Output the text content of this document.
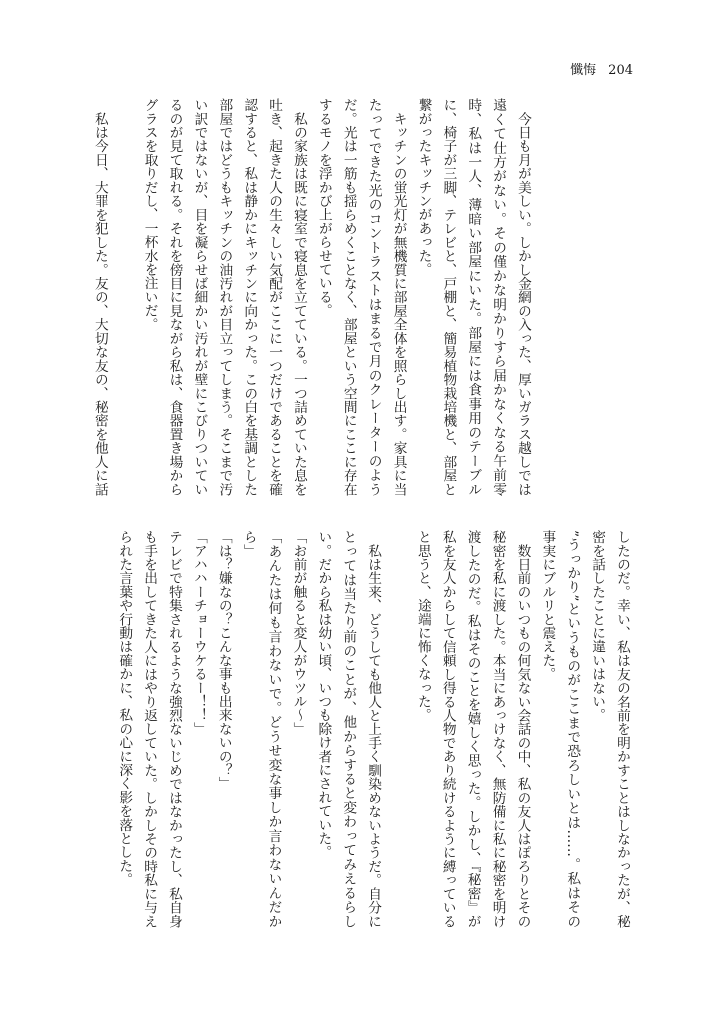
懺悔 204
　今日も月が美しい。しかし金網の入った、厚いガラス越しでは
遠くて仕方がない。その僅かな明かりすら届かなくなる午前零
時、私は一人、薄暗い部屋にいた。部屋には食事用のテーブル
に、椅子が三脚、テレビと、戸棚と、簡易植物栽培機と、部屋と
繋がったキッチンがあった。
　キッチンの蛍光灯が無機質に部屋全体を照らし出す。家具に当
たってできた光のコントラストはまるで月のクレーターのよう
だ。光は一筋も揺らめくことなく、部屋という空間にここに存在
するモノを浮かび上がらせている。
　私の家族は既に寝室で寝息を立てている。一つ詰めていた息を
吐き、起きた人の生々しい気配がここに一つだけであることを確
認すると、私は静かにキッチンに向かった。この白を基調とした
部屋ではどうもキッチンの油汚れが目立ってしまう。そこまで汚
い訳ではないが、目を凝らせば細かい汚れが壁にこびりついてい
るのが見て取れる。それを傍目に見ながら私は、食器置き場から
グラスを取りだし、一杯水を注いだ。
　私は今日、大罪を犯した。友の、大切な友の、秘密を他人に話
したのだ。幸い、私は友の名前を明かすことはしなかったが、秘
密を話したことに違いはない。
”うっかり”というものがここまで恐ろしいとは……。私はその
事実にブルリと震えた。
　数日前のいつもの何気ない会話の中、私の友人はぽろりとその
秘密を私に渡した。本当にあっけなく、無防備に私に秘密を明け
渡したのだ。私はそのことを嬉しく思った。しかし、『秘密』が
私を友人からして信頼し得る人物であり続けるように縛っている
と思うと、途端に怖くなった。
　私は生来、どうしても他人と上手く馴染めないようだ。自分に
とっては当たり前のことが、他からすると変わってみえるらし
い。だから私は幼い頃、いつも除け者にされていた。
「お前が触ると変人がウツル～」
「あんたは何も言わないで。どうせ変な事しか言わないんだか
ら」
「は？嫌なの？こんな事も出来ないの？」
「アハハーチョーウケるー！！」
テレビで特集されるような強烈ないじめではなかったし、私自身
も手を出してきた人にはやり返していた。しかしその時私に与え
られた言葉や行動は確かに、私の心に深く影を落とした。
